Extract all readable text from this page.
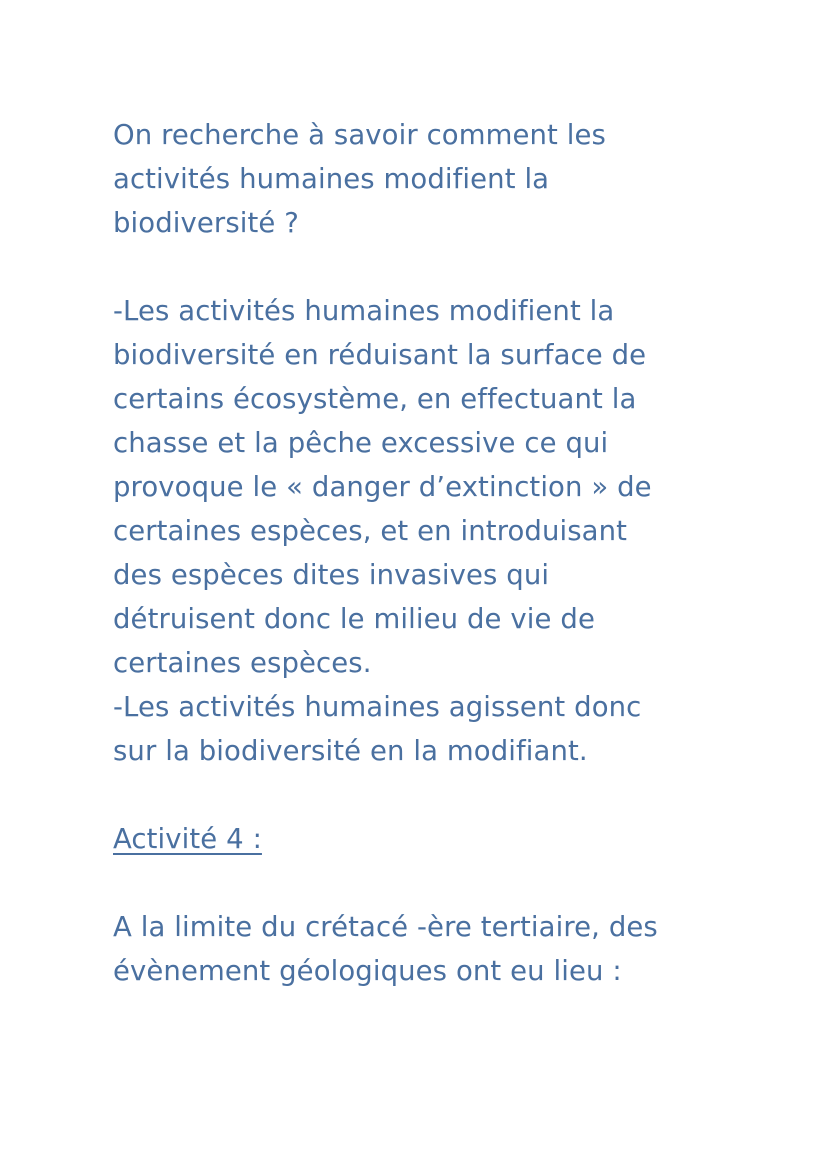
On recherche à savoir comment les
activités humaines modifient la
biodiversité ?
-Les activités humaines modifient la
biodiversité en réduisant la surface de
certains écosystème, en effectuant la
chasse et la pêche excessive ce qui
provoque le « danger d’extinction » de
certaines espèces, et en introduisant
des espèces dites invasives qui
détruisent donc le milieu de vie de
certaines espèces.
-Les activités humaines agissent donc
sur la biodiversité en la modifiant.
Activité 4 :
A la limite du crétacé -ère tertiaire, des
évènement géologiques ont eu lieu :
